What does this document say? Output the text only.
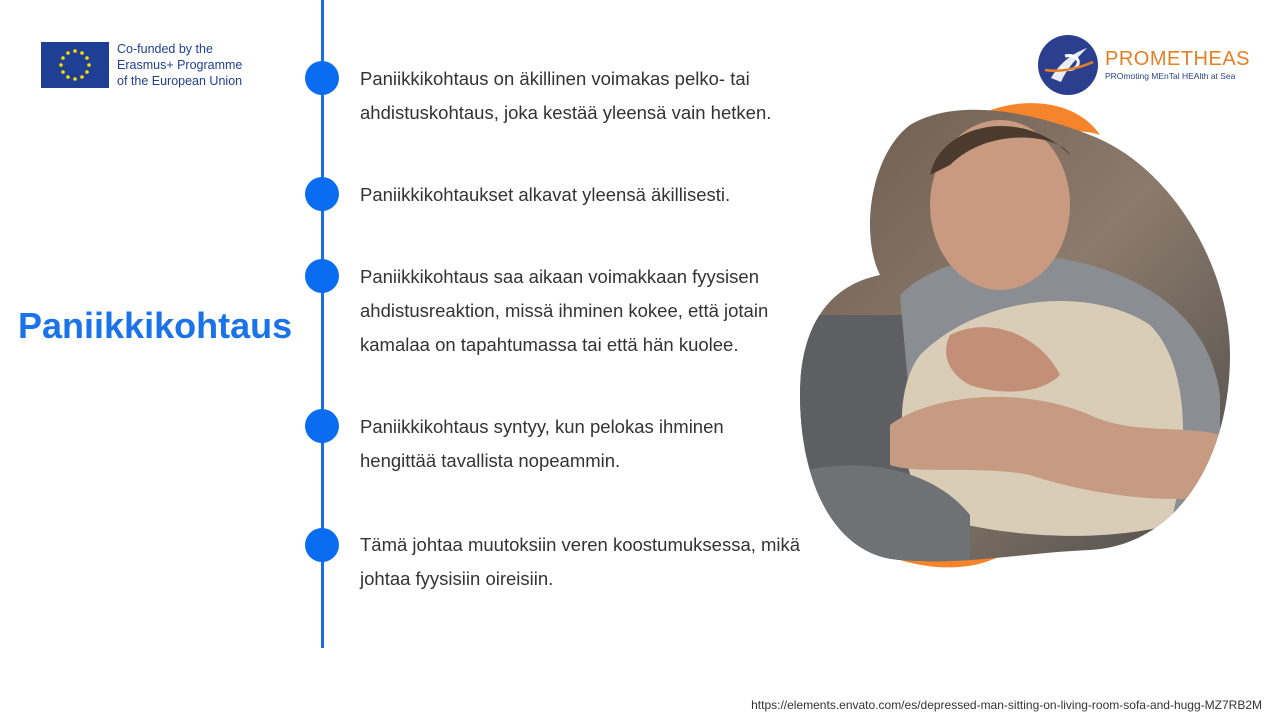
Co-funded by the
Erasmus+ Programme
of the European Union
Paniikkikohtaus
Paniikkikohtaus on äkillinen voimakas pelko- tai ahdistuskohtaus, joka kestää yleensä vain hetken.
Paniikkikohtaukset alkavat yleensä äkillisesti.
Paniikkikohtaus saa aikaan voimakkaan fyysisen ahdistusreaktion, missä ihminen kokee, että jotain kamalaa on tapahtumassa tai että hän kuolee.
Paniikkikohtaus syntyy, kun pelokas ihminen hengittää tavallista nopeammin.
Tämä johtaa muutoksiin veren koostumuksessa, mikä johtaa fyysisiin oireisiin.
PROMETHEAS
PROmoting MEnTal HEAlth at Sea
https://elements.envato.com/es/depressed-man-sitting-on-living-room-sofa-and-hugg-MZ7RB2M
